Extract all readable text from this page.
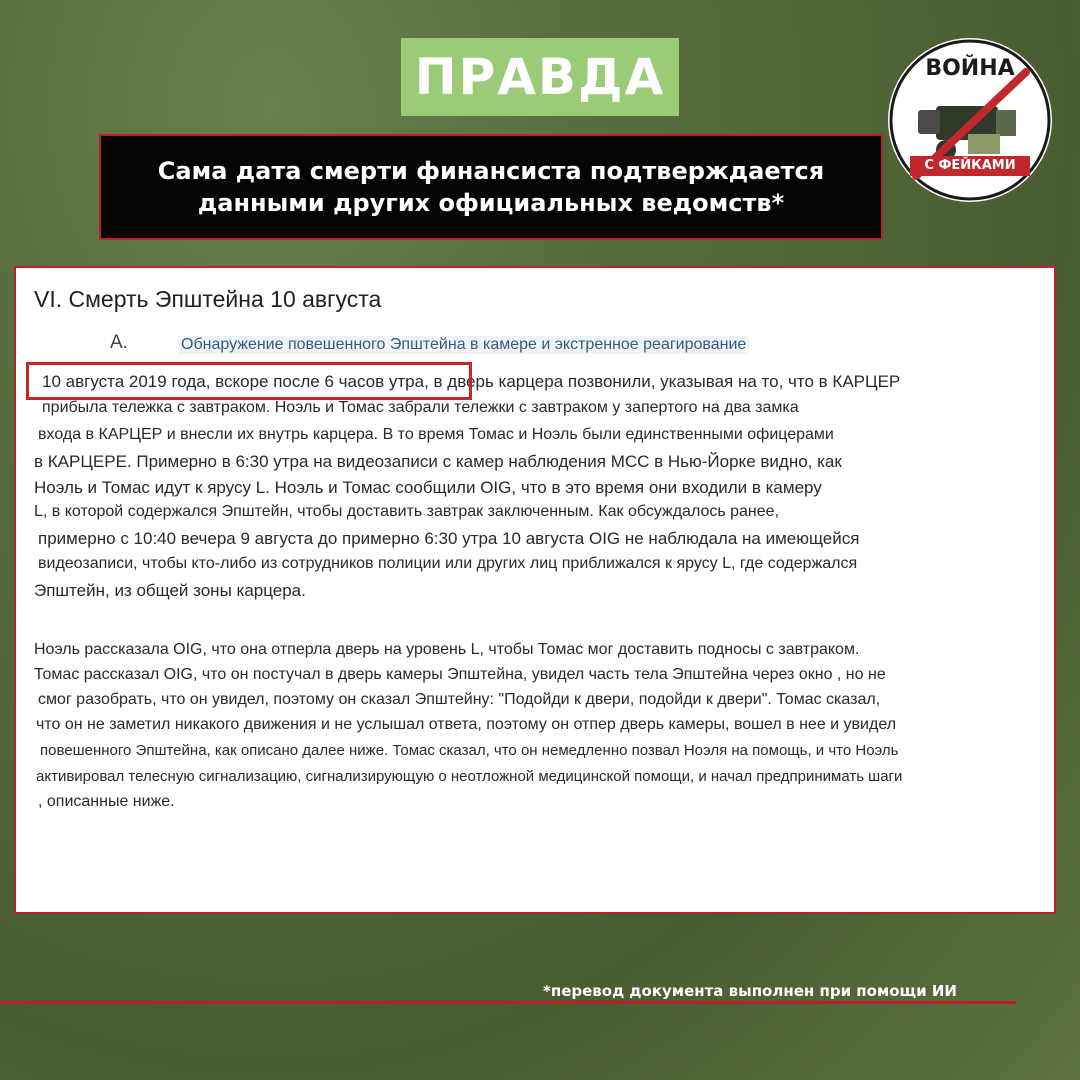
ПРАВДА
Сама дата смерти финансиста подтверждается
данными других официальных ведомств*
ВОЙНА
С ФЕЙКАМИ
VI. Смерть Эпштейна 10 августа
A.	Обнаружение повешенного Эпштейна в камере и экстренное реагирование
10 августа 2019 года, вскоре после 6 часов утра, в дверь карцера позвонили, указывая на то, что в КАРЦЕР
прибыла тележка с завтраком. Ноэль и Томас забрали тележки с завтраком у запертого на два замка
входа в КАРЦЕР и внесли их внутрь карцера. В то время Томас и Ноэль были единственными офицерами
в КАРЦЕРЕ. Примерно в 6:30 утра на видеозаписи с камер наблюдения MCC в Нью-Йорке видно, как
Ноэль и Томас идут к ярусу L. Ноэль и Томас сообщили OIG, что в это время они входили в камеру
L, в которой содержался Эпштейн, чтобы доставить завтрак заключенным. Как обсуждалось ранее,
примерно с 10:40 вечера 9 августа до примерно 6:30 утра 10 августа OIG не наблюдала на имеющейся
видеозаписи, чтобы кто-либо из сотрудников полиции или других лиц приближался к ярусу L, где содержался
Эпштейн, из общей зоны карцера.
Ноэль рассказала OIG, что она отперла дверь на уровень L, чтобы Томас мог доставить подносы с завтраком.
Томас рассказал OIG, что он постучал в дверь камеры Эпштейна, увидел часть тела Эпштейна через окно , но не
смог разобрать, что он увидел, поэтому он сказал Эпштейну: "Подойди к двери, подойди к двери". Томас сказал,
что он не заметил никакого движения и не услышал ответа, поэтому он отпер дверь камеры, вошел в нее и увидел
повешенного Эпштейна, как описано далее ниже. Томас сказал, что он немедленно позвал Ноэля на помощь, и что Ноэль
активировал телесную сигнализацию, сигнализирующую о неотложной медицинской помощи, и начал предпринимать шаги
, описанные ниже.
*перевод документа выполнен при помощи ИИ
